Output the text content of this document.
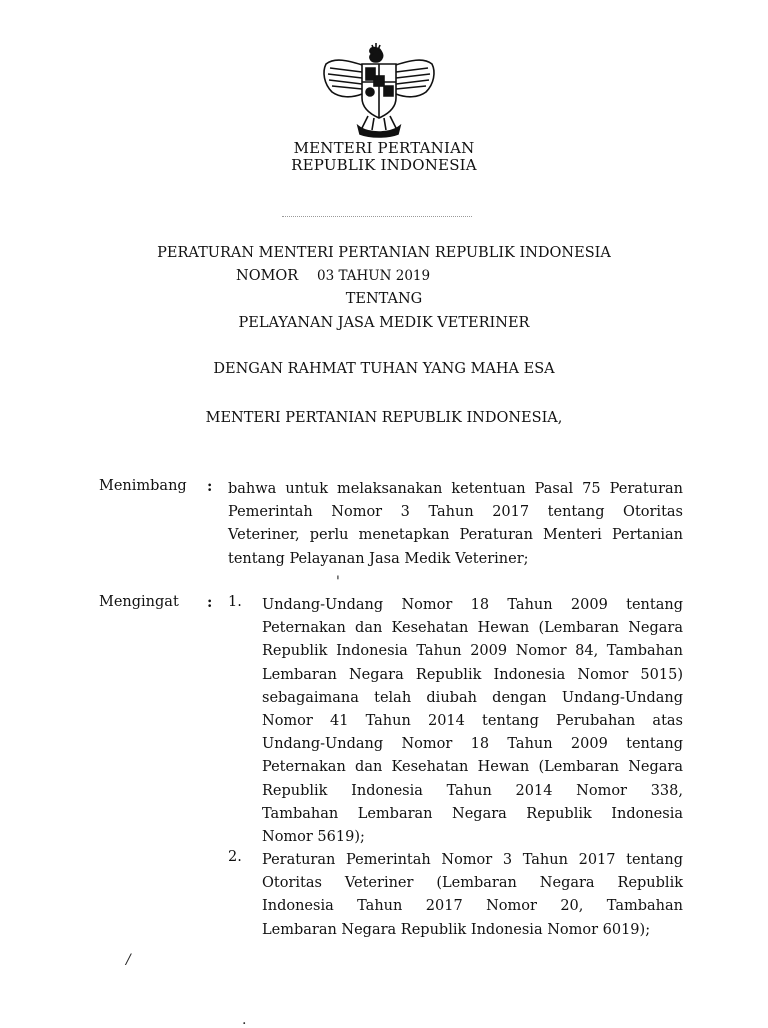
MENTERI PERTANIAN
REPUBLIK INDONESIA
PERATURAN MENTERI PERTANIAN REPUBLIK INDONESIA
NOMOR 03 TAHUN 2019
TENTANG
PELAYANAN JASA MEDIK VETERINER
DENGAN RAHMAT TUHAN YANG MAHA ESA
MENTERI PERTANIAN REPUBLIK INDONESIA,
Menimbang : bahwa untuk melaksanakan ketentuan Pasal 75 Peraturan
Pemerintah Nomor 3 Tahun 2017 tentang Otoritas
Veteriner, perlu menetapkan Peraturan Menteri Pertanian
tentang Pelayanan Jasa Medik Veteriner;
'
Mengingat : 1. Undang-Undang Nomor 18 Tahun 2009 tentang
Peternakan dan Kesehatan Hewan (Lembaran Negara
Republik Indonesia Tahun 2009 Nomor 84, Tambahan
Lembaran Negara Republik Indonesia Nomor 5015)
sebagaimana telah diubah dengan Undang-Undang
Nomor 41 Tahun 2014 tentang Perubahan atas
Undang-Undang Nomor 18 Tahun 2009 tentang
Peternakan dan Kesehatan Hewan (Lembaran Negara
Republik Indonesia Tahun 2014 Nomor 338,
Tambahan Lembaran Negara Republik Indonesia
Nomor 5619);
2. Peraturan Pemerintah Nomor 3 Tahun 2017 tentang
Otoritas Veteriner (Lembaran Negara Republik
Indonesia Tahun 2017 Nomor 20, Tambahan
Lembaran Negara Republik Indonesia Nomor 6019);
/
.
